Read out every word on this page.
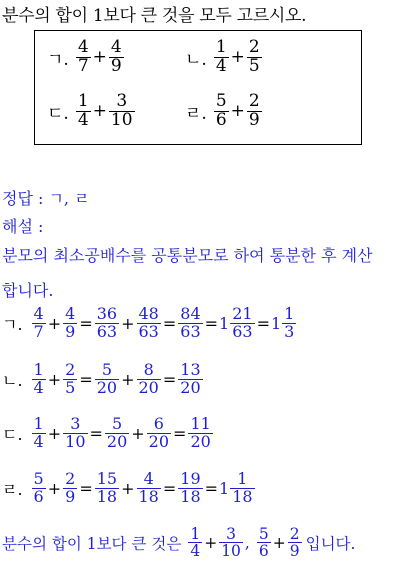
분수의 합이 1보다 큰 것을 모두 고르시오.
ㄱ. $\frac{4}{7} + \frac{4}{9}$	ㄴ. $\frac{1}{4} + \frac{2}{5}$
ㄷ. $\frac{1}{4} + \frac{3}{10}$	ㄹ. $\frac{5}{6} + \frac{2}{9}$
정답 : ㄱ, ㄹ
해설 :
분모의 최소공배수를 공통분모로 하여 통분한 후 계산
합니다.
ㄱ. $\frac{4}{7} + \frac{4}{9} = \frac{36}{63} + \frac{48}{63} = \frac{84}{63} = 1 \frac{21}{63} = 1 \frac{1}{3}$
ㄴ. $\frac{1}{4} + \frac{2}{5} = \frac{5}{20} + \frac{8}{20} = \frac{13}{20}$
ㄷ. $\frac{1}{4} + \frac{3}{10} = \frac{5}{20} + \frac{6}{20} = \frac{11}{20}$
ㄹ. $\frac{5}{6} + \frac{2}{9} = \frac{15}{18} + \frac{4}{18} = \frac{19}{18} = 1 \frac{1}{18}$
분수의 합이 1보다 큰 것은 $\frac{1}{4} + \frac{3}{10}$ , $\frac{5}{6} + \frac{2}{9}$ 입니다.
